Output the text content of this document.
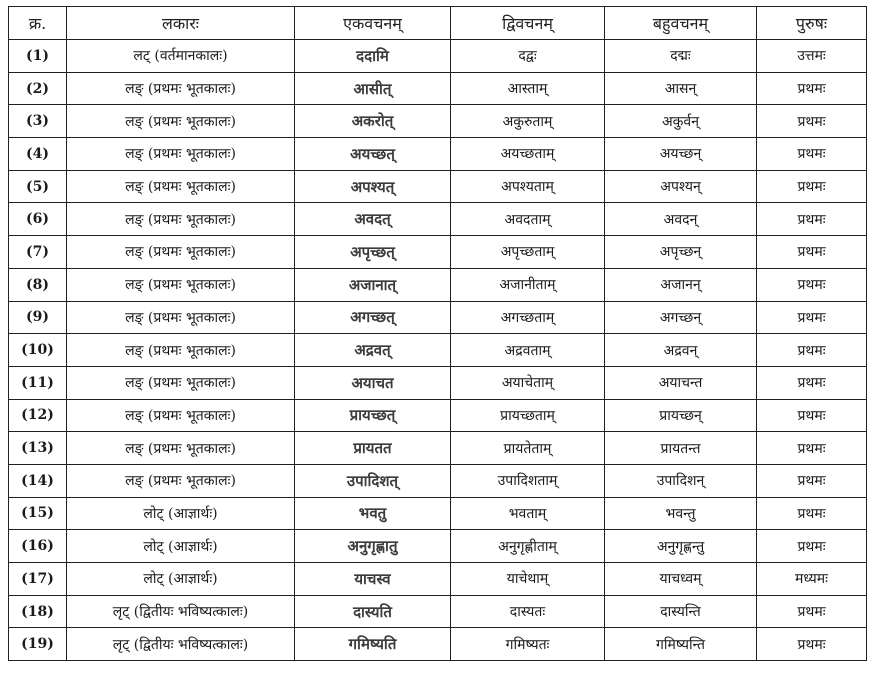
क्र.	लकारः	एकवचनम्	द्विवचनम्	बहुवचनम्	पुरुषः
(1)	लट् (वर्तमानकालः)	ददामि	दद्वः	दद्मः	उत्तमः
(2)	लङ् (प्रथमः भूतकालः)	आसीत्	आस्ताम्	आसन्	प्रथमः
(3)	लङ् (प्रथमः भूतकालः)	अकरोत्	अकुरुताम्	अकुर्वन्	प्रथमः
(4)	लङ् (प्रथमः भूतकालः)	अयच्छत्	अयच्छताम्	अयच्छन्	प्रथमः
(5)	लङ् (प्रथमः भूतकालः)	अपश्यत्	अपश्यताम्	अपश्यन्	प्रथमः
(6)	लङ् (प्रथमः भूतकालः)	अवदत्	अवदताम्	अवदन्	प्रथमः
(7)	लङ् (प्रथमः भूतकालः)	अपृच्छत्	अपृच्छताम्	अपृच्छन्	प्रथमः
(8)	लङ् (प्रथमः भूतकालः)	अजानात्	अजानीताम्	अजानन्	प्रथमः
(9)	लङ् (प्रथमः भूतकालः)	अगच्छत्	अगच्छताम्	अगच्छन्	प्रथमः
(10)	लङ् (प्रथमः भूतकालः)	अद्रवत्	अद्रवताम्	अद्रवन्	प्रथमः
(11)	लङ् (प्रथमः भूतकालः)	अयाचत	अयाचेताम्	अयाचन्त	प्रथमः
(12)	लङ् (प्रथमः भूतकालः)	प्रायच्छत्	प्रायच्छताम्	प्रायच्छन्	प्रथमः
(13)	लङ् (प्रथमः भूतकालः)	प्रायतत	प्रायतेताम्	प्रायतन्त	प्रथमः
(14)	लङ् (प्रथमः भूतकालः)	उपादिशत्	उपादिशताम्	उपादिशन्	प्रथमः
(15)	लोट् (आज्ञार्थः)	भवतु	भवताम्	भवन्तु	प्रथमः
(16)	लोट् (आज्ञार्थः)	अनुगृह्णातु	अनुगृह्णीताम्	अनुगृह्णन्तु	प्रथमः
(17)	लोट् (आज्ञार्थः)	याचस्व	याचेथाम्	याचध्वम्	मध्यमः
(18)	लृट् (द्वितीयः भविष्यत्कालः)	दास्यति	दास्यतः	दास्यन्ति	प्रथमः
(19)	लृट् (द्वितीयः भविष्यत्कालः)	गमिष्यति	गमिष्यतः	गमिष्यन्ति	प्रथमः
